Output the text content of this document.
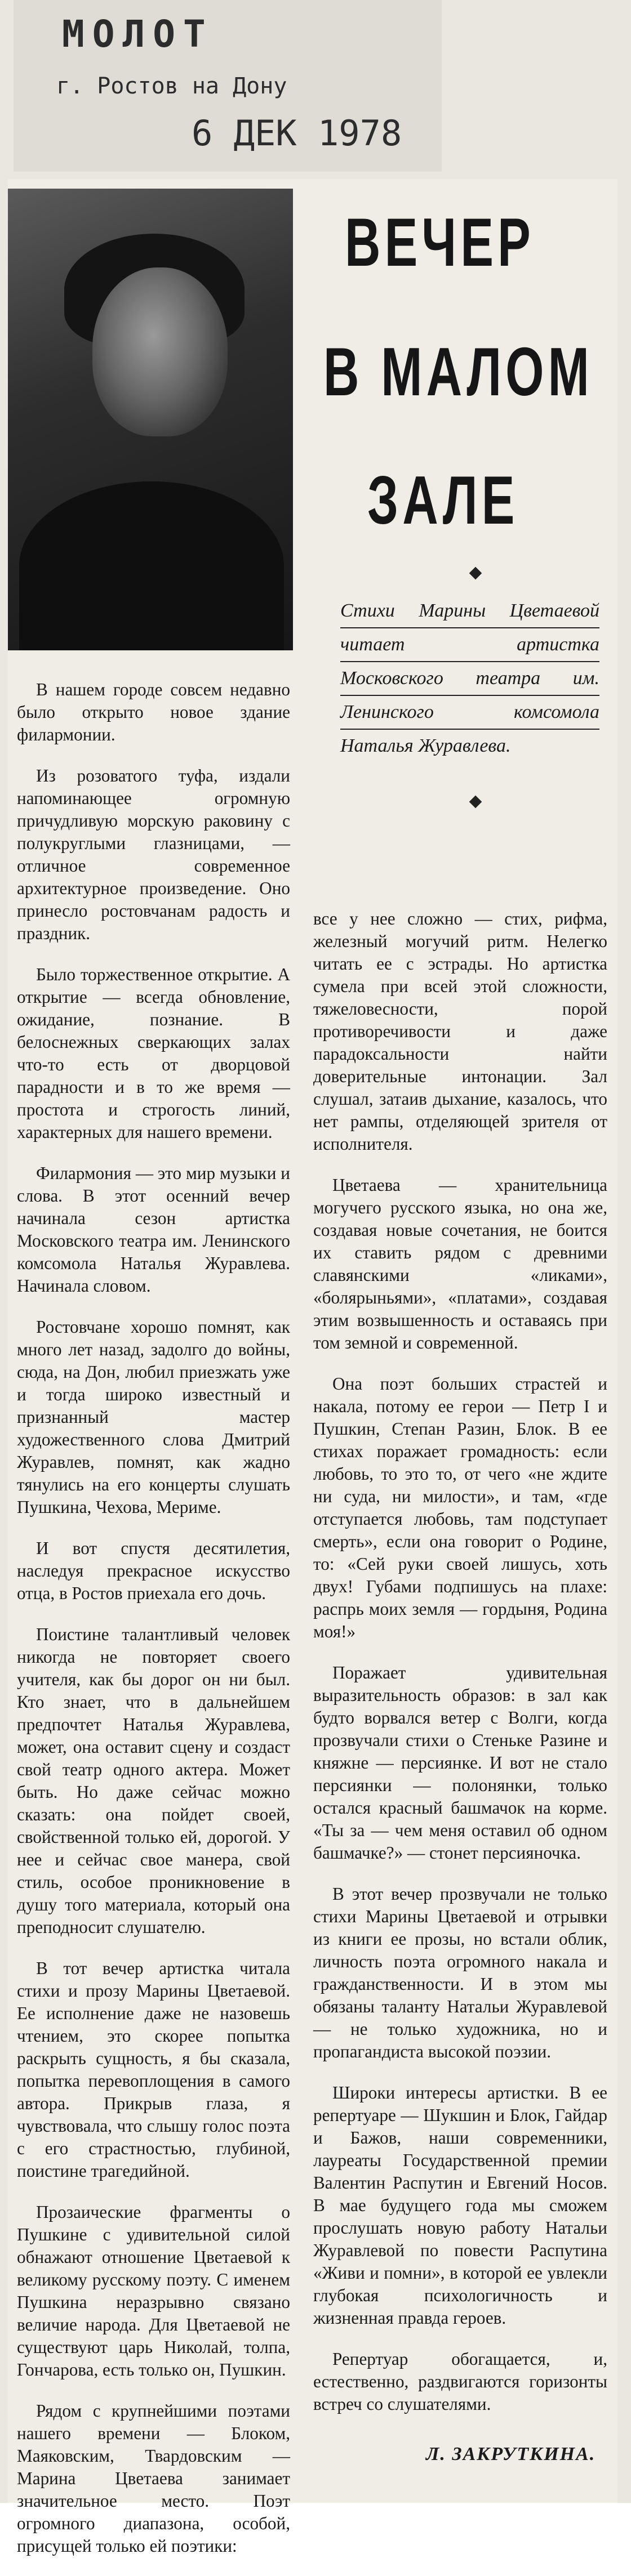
МОЛОТ
г. Ростов на Дону
6 ДЕК 1978
ВЕЧЕР
В МАЛОМ
ЗАЛЕ
Стихи Марины Цветаевой читает артистка Московского театра им. Ленинского комсомола Наталья Журавлева.

В нашем городе совсем недавно было открыто новое здание филармонии.

Из розоватого туфа, издали напоминающее огромную причудливую морскую раковину с полукруглыми глазницами, — отличное современное архитектурное произведение. Оно принесло ростовчанам радость и праздник.

Было торжественное открытие. А открытие — всегда обновление, ожидание, познание. В белоснежных сверкающих залах что-то есть от дворцовой парадности и в то же время — простота и строгость линий, характерных для нашего времени.

Филармония — это мир музыки и слова. В этот осенний вечер начинала сезон артистка Московского театра им. Ленинского комсомола Наталья Журавлева. Начинала словом.

Ростовчане хорошо помнят, как много лет назад, задолго до войны, сюда, на Дон, любил приезжать уже и тогда широко известный и признанный мастер художественного слова Дмитрий Журавлев, помнят, как жадно тянулись на его концерты слушать Пушкина, Чехова, Мериме.

И вот спустя десятилетия, наследуя прекрасное искусство отца, в Ростов приехала его дочь.

Поистине талантливый человек никогда не повторяет своего учителя, как бы дорог он ни был. Кто знает, что в дальнейшем предпочтет Наталья Журавлева, может, она оставит сцену и создаст свой театр одного актера. Может быть. Но даже сейчас можно сказать: она пойдет своей, свойственной только ей, дорогой. У нее и сейчас свое манера, свой стиль, особое проникновение в душу того материала, который она преподносит слушателю.

В тот вечер артистка читала стихи и прозу Марины Цветаевой. Ее исполнение даже не назовешь чтением, это скорее попытка раскрыть сущность, я бы сказала, попытка перевоплощения в самого автора. Прикрыв глаза, я чувствовала, что слышу голос поэта с его страстностью, глубиной, поистине трагедийной.

Прозаические фрагменты о Пушкине с удивительной силой обнажают отношение Цветаевой к великому русскому поэту. С именем Пушкина неразрывно связано величие народа. Для Цветаевой не существуют царь Николай, толпа, Гончарова, есть только он, Пушкин.

Рядом с крупнейшими поэтами нашего времени — Блоком, Маяковским, Твардовским — Марина Цветаева занимает значительное место. Поэт огромного диапазона, особой, присущей только ей поэтики:

все у нее сложно — стих, рифма, железный могучий ритм. Нелегко читать ее с эстрады. Но артистка сумела при всей этой сложности, тяжеловесности, порой противоречивости и даже парадоксальности найти доверительные интонации. Зал слушал, затаив дыхание, казалось, что нет рампы, отделяющей зрителя от исполнителя.

Цветаева — хранительница могучего русского языка, но она же, создавая новые сочетания, не боится их ставить рядом с древними славянскими «ликами», «болярыньями», «платами», создавая этим возвышенность и оставаясь при том земной и современной.

Она поэт больших страстей и накала, потому ее герои — Петр I и Пушкин, Степан Разин, Блок. В ее стихах поражает громадность: если любовь, то это то, от чего «не ждите ни суда, ни милости», и там, «где отступается любовь, там подступает смерть», если она говорит о Родине, то: «Сей руки своей лишусь, хоть двух! Губами подпишусь на плахе: распрь моих земля — гордыня, Родина моя!»

Поражает удивительная выразительность образов: в зал как будто ворвался ветер с Волги, когда прозвучали стихи о Стеньке Разине и княжне — персиянке. И вот не стало персиянки — полонянки, только остался красный башмачок на корме. «Ты за — чем меня оставил об одном башмачке?» — стонет персияночка.

В этот вечер прозвучали не только стихи Марины Цветаевой и отрывки из книги ее прозы, но встали облик, личность поэта огромного накала и гражданственности. И в этом мы обязаны таланту Натальи Журавлевой — не только художника, но и пропагандиста высокой поэзии.

Широки интересы артистки. В ее репертуаре — Шукшин и Блок, Гайдар и Бажов, наши современники, лауреаты Государственной премии Валентин Распутин и Евгений Носов. В мае будущего года мы сможем прослушать новую работу Натальи Журавлевой по повести Распутина «Живи и помни», в которой ее увлекли глубокая психологичность и жизненная правда героев.

Репертуар обогащается, и, естественно, раздвигаются горизонты встреч со слушателями.

Л. ЗАКРУТКИНА.
